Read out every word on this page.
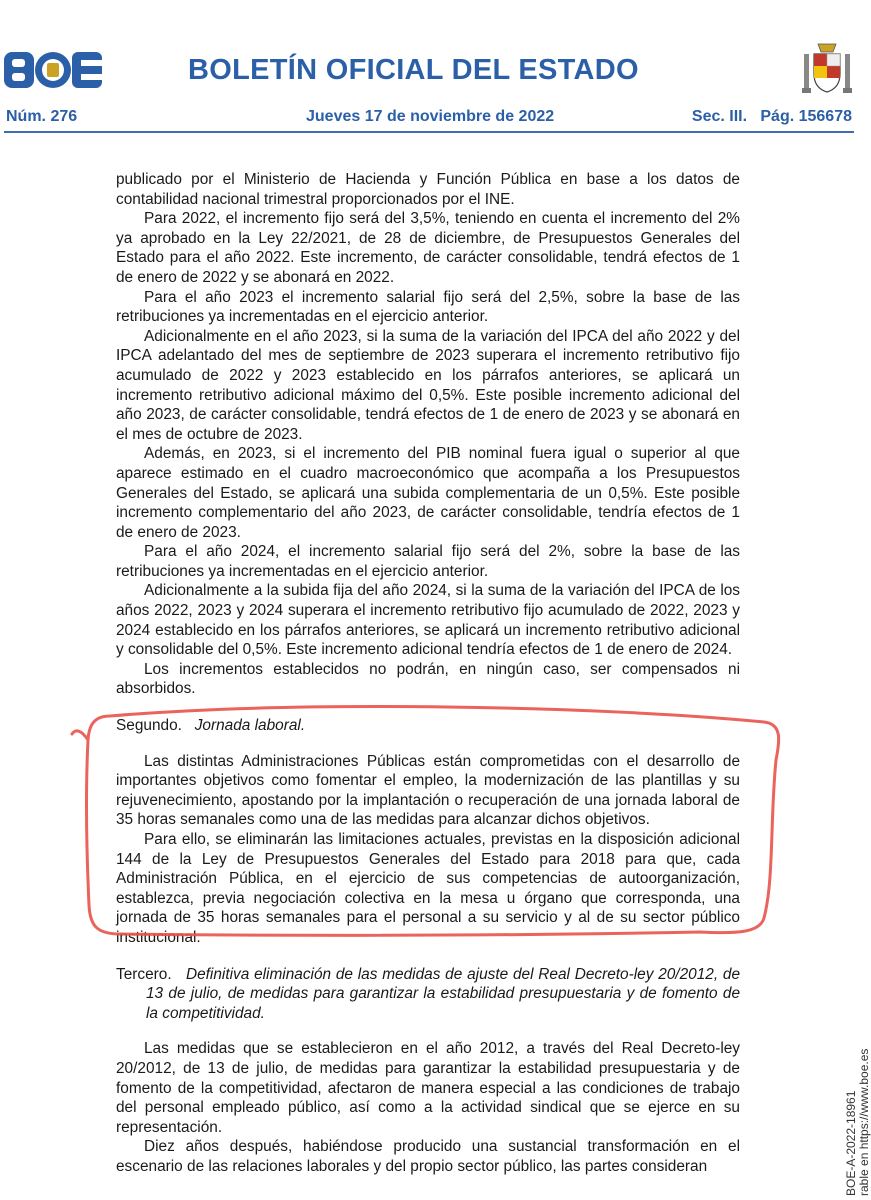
BOLETÍN OFICIAL DEL ESTADO
Núm. 276	Jueves 17 de noviembre de 2022	Sec. III.   Pág. 156678

publicado por el Ministerio de Hacienda y Función Pública en base a los datos de contabilidad nacional trimestral proporcionados por el INE.

Para 2022, el incremento fijo será del 3,5%, teniendo en cuenta el incremento del 2% ya aprobado en la Ley 22/2021, de 28 de diciembre, de Presupuestos Generales del Estado para el año 2022. Este incremento, de carácter consolidable, tendrá efectos de 1 de enero de 2022 y se abonará en 2022.

Para el año 2023 el incremento salarial fijo será del 2,5%, sobre la base de las retribuciones ya incrementadas en el ejercicio anterior.

Adicionalmente en el año 2023, si la suma de la variación del IPCA del año 2022 y del IPCA adelantado del mes de septiembre de 2023 superara el incremento retributivo fijo acumulado de 2022 y 2023 establecido en los párrafos anteriores, se aplicará un incremento retributivo adicional máximo del 0,5%. Este posible incremento adicional del año 2023, de carácter consolidable, tendrá efectos de 1 de enero de 2023 y se abonará en el mes de octubre de 2023.

Además, en 2023, si el incremento del PIB nominal fuera igual o superior al que aparece estimado en el cuadro macroeconómico que acompaña a los Presupuestos Generales del Estado, se aplicará una subida complementaria de un 0,5%. Este posible incremento complementario del año 2023, de carácter consolidable, tendría efectos de 1 de enero de 2023.

Para el año 2024, el incremento salarial fijo será del 2%, sobre la base de las retribuciones ya incrementadas en el ejercicio anterior.

Adicionalmente a la subida fija del año 2024, si la suma de la variación del IPCA de los años 2022, 2023 y 2024 superara el incremento retributivo fijo acumulado de 2022, 2023 y 2024 establecido en los párrafos anteriores, se aplicará un incremento retributivo adicional y consolidable del 0,5%. Este incremento adicional tendría efectos de 1 de enero de 2024.

Los incrementos establecidos no podrán, en ningún caso, ser compensados ni absorbidos.

Segundo. Jornada laboral.

Las distintas Administraciones Públicas están comprometidas con el desarrollo de importantes objetivos como fomentar el empleo, la modernización de las plantillas y su rejuvenecimiento, apostando por la implantación o recuperación de una jornada laboral de 35 horas semanales como una de las medidas para alcanzar dichos objetivos.

Para ello, se eliminarán las limitaciones actuales, previstas en la disposición adicional 144 de la Ley de Presupuestos Generales del Estado para 2018 para que, cada Administración Pública, en el ejercicio de sus competencias de autoorganización, establezca, previa negociación colectiva en la mesa u órgano que corresponda, una jornada de 35 horas semanales para el personal a su servicio y al de su sector público institucional.

Tercero. Definitiva eliminación de las medidas de ajuste del Real Decreto-ley 20/2012, de 13 de julio, de medidas para garantizar la estabilidad presupuestaria y de fomento de la competitividad.

Las medidas que se establecieron en el año 2012, a través del Real Decreto-ley 20/2012, de 13 de julio, de medidas para garantizar la estabilidad presupuestaria y de fomento de la competitividad, afectaron de manera especial a las condiciones de trabajo del personal empleado público, así como a la actividad sindical que se ejerce en su representación.

Diez años después, habiéndose producido una sustancial transformación en el escenario de las relaciones laborales y del propio sector público, las partes consideran	BOE-A-2022-18961 rable en https://www.boe.es
